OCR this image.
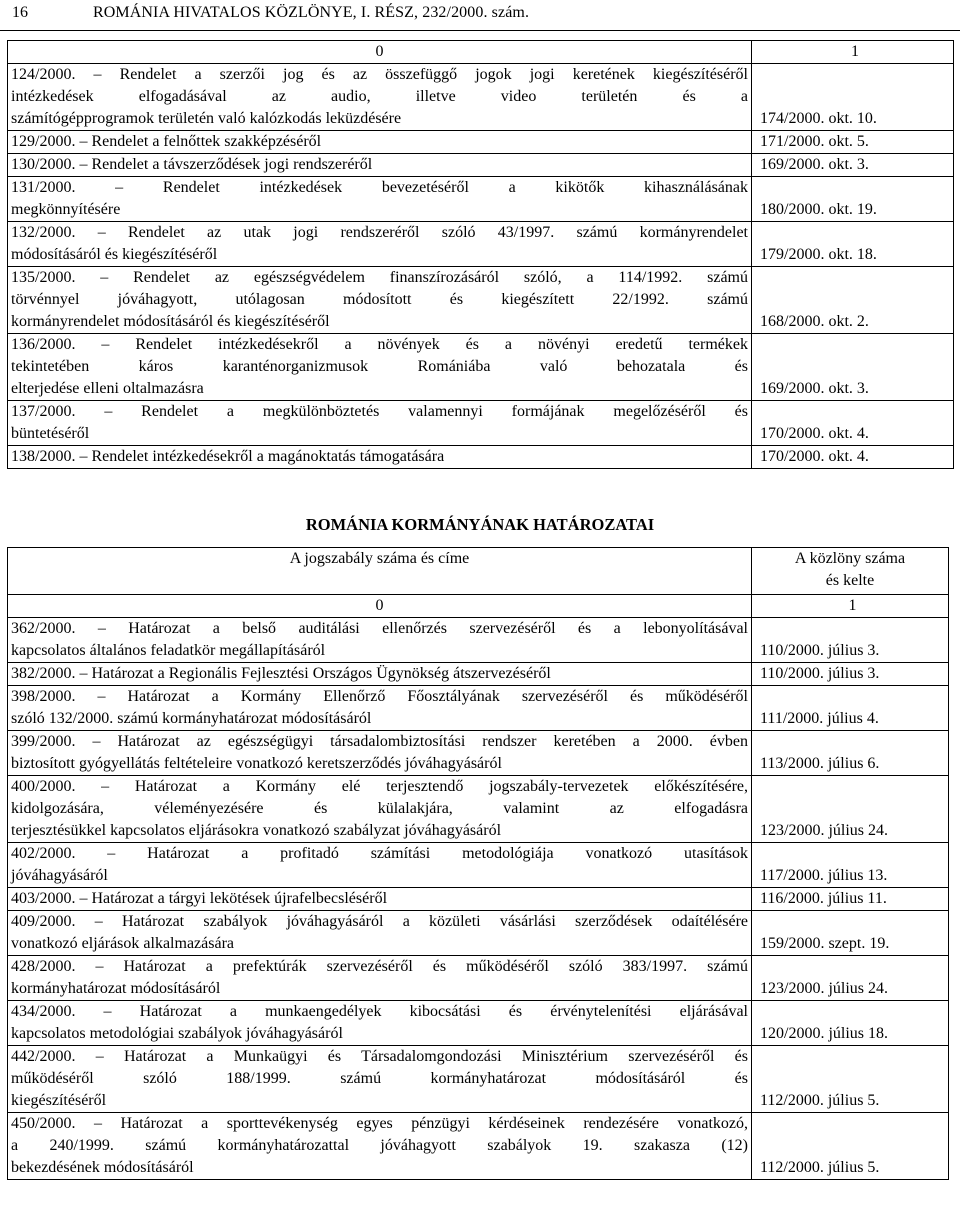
16	ROMÁNIA HIVATALOS KÖZLÖNYE, I. RÉSZ, 232/2000. szám.
0	1

124/2000. – Rendelet a szerzői jog és az összefüggő jogok jogi keretének kiegészítéséről
intézkedések elfogadásával az audio, illetve video területén és a
számítógépprogramok területén való kalózkodás leküzdésére	174/2000. okt. 10.

129/2000. – Rendelet a felnőttek szakképzéséről	171/2000. okt. 5.

130/2000. – Rendelet a távszerződések jogi rendszeréről	169/2000. okt. 3.

131/2000. – Rendelet intézkedések bevezetéséről a kikötők kihasználásának
megkönnyítésére	180/2000. okt. 19.

132/2000. – Rendelet az utak jogi rendszeréről szóló 43/1997. számú kormányrendelet
módosításáról és kiegészítéséről	179/2000. okt. 18.

135/2000. – Rendelet az egészségvédelem finanszírozásáról szóló, a 114/1992. számú
törvénnyel jóváhagyott, utólagosan módosított és kiegészített 22/1992. számú
kormányrendelet módosításáról és kiegészítéséről	168/2000. okt. 2.

136/2000. – Rendelet intézkedésekről a növények és a növényi eredetű termékek
tekintetében káros karanténorganizmusok Romániába való behozatala és
elterjedése elleni oltalmazásra	169/2000. okt. 3.

137/2000. – Rendelet a megkülönböztetés valamennyi formájának megelőzéséről és
büntetéséről	170/2000. okt. 4.

138/2000. – Rendelet intézkedésekről a magánoktatás támogatására	170/2000. okt. 4.
ROMÁNIA KORMÁNYÁNAK HATÁROZATAI
A jogszabály száma és címe	A közlöny száma
és kelte

0	1

362/2000. – Határozat a belső auditálási ellenőrzés szervezéséről és a lebonyolításával
kapcsolatos általános feladatkör megállapításáról	110/2000. július 3.

382/2000. – Határozat a Regionális Fejlesztési Országos Ügynökség átszervezéséről	110/2000. július 3.

398/2000. – Határozat a Kormány Ellenőrző Főosztályának szervezéséről és működéséről
szóló 132/2000. számú kormányhatározat módosításáról	111/2000. július 4.

399/2000. – Határozat az egészségügyi társadalombiztosítási rendszer keretében a 2000. évben
biztosított gyógyellátás feltételeire vonatkozó keretszerződés jóváhagyásáról	113/2000. július 6.

400/2000. – Határozat a Kormány elé terjesztendő jogszabály-tervezetek előkészítésére,
kidolgozására, véleményezésére és külalakjára, valamint az elfogadásra
terjesztésükkel kapcsolatos eljárásokra vonatkozó szabályzat jóváhagyásáról	123/2000. július 24.

402/2000. – Határozat a profitadó számítási metodológiája vonatkozó utasítások
jóváhagyásáról	117/2000. július 13.

403/2000. – Határozat a tárgyi lekötések újrafelbecsléséről	116/2000. július 11.

409/2000. – Határozat szabályok jóváhagyásáról a közületi vásárlási szerződések odaítélésére
vonatkozó eljárások alkalmazására	159/2000. szept. 19.

428/2000. – Határozat a prefektúrák szervezéséről és működéséről szóló 383/1997. számú
kormányhatározat módosításáról	123/2000. július 24.

434/2000. – Határozat a munkaengedélyek kibocsátási és érvénytelenítési eljárásával
kapcsolatos metodológiai szabályok jóváhagyásáról	120/2000. július 18.

442/2000. – Határozat a Munkaügyi és Társadalomgondozási Minisztérium szervezéséről és
működéséről szóló 188/1999. számú kormányhatározat módosításáról és
kiegészítéséről	112/2000. július 5.

450/2000. – Határozat a sporttevékenység egyes pénzügyi kérdéseinek rendezésére vonatkozó,
a 240/1999. számú kormányhatározattal jóváhagyott szabályok 19. szakasza (12)
bekezdésének módosításáról	112/2000. július 5.
